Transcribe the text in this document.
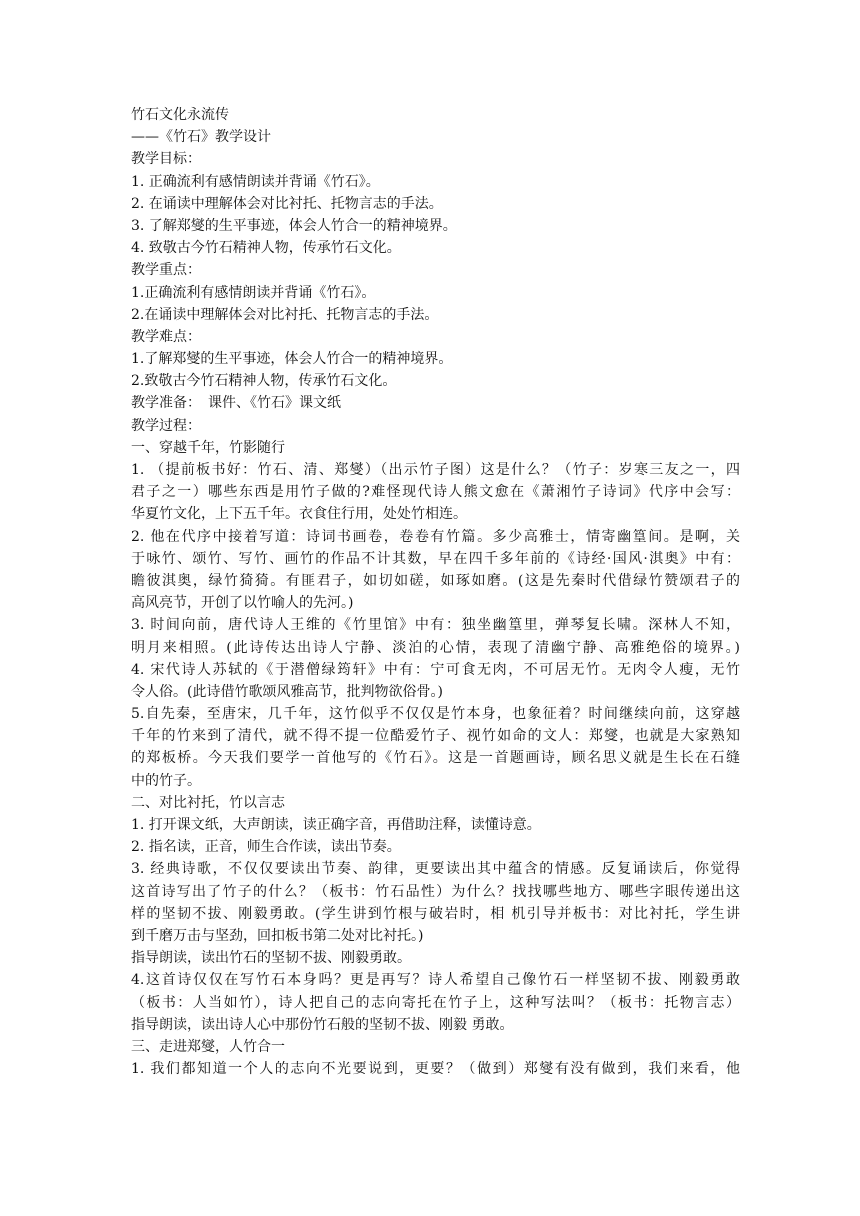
竹石文化永流传
——《竹石》教学设计
教学目标：
1. 正确流利有感情朗读并背诵《竹石》。
2. 在诵读中理解体会对比衬托、托物言志的手法。
3. 了解郑燮的生平事迹，体会人竹合一的精神境界。
4. 致敬古今竹石精神人物，传承竹石文化。
教学重点：
1.正确流利有感情朗读并背诵《竹石》。
2.在诵读中理解体会对比衬托、托物言志的手法。
教学难点：
1.了解郑燮的生平事迹，体会人竹合一的精神境界。
2.致敬古今竹石精神人物，传承竹石文化。
教学准备：　课件、《竹石》课文纸
教学过程：
一、穿越千年，竹影随行
1. （提前板书好：竹石、清、郑燮）（出示竹子图）这是什么？（竹子：岁寒三友之一，四
君子之一）哪些东西是用竹子做的?难怪现代诗人熊文愈在《萧湘竹子诗词》代序中会写：
华夏竹文化，上下五千年。衣食住行用，处处竹相连。
2. 他在代序中接着写道：诗词书画卷，卷卷有竹篇。多少高雅士，情寄幽篁间。是啊，关
于咏竹、颂竹、写竹、画竹的作品不计其数，早在四千多年前的《诗经·国风·淇奥》中有：
瞻彼淇奥，绿竹猗猗。有匪君子，如切如磋，如琢如磨。(这是先秦时代借绿竹赞颂君子的
高风亮节，开创了以竹喻人的先河。)
3. 时间向前，唐代诗人王维的《竹里馆》中有：独坐幽篁里，弹琴复长啸。深林人不知，
明月来相照。(此诗传达出诗人宁静、淡泊的心情，表现了清幽宁静、高雅绝俗的境界。)
4. 宋代诗人苏轼的《于潜僧绿筠轩》中有：宁可食无肉，不可居无竹。无肉令人瘦，无竹
令人俗。(此诗借竹歌颂风雅高节，批判物欲俗骨。)
5.自先秦，至唐宋，几千年，这竹似乎不仅仅是竹本身，也象征着？时间继续向前，这穿越
千年的竹来到了清代，就不得不提一位酷爱竹子、视竹如命的文人：郑燮，也就是大家熟知
的郑板桥。今天我们要学一首他写的《竹石》。这是一首题画诗，顾名思义就是生长在石缝
中的竹子。
二、对比衬托，竹以言志
1. 打开课文纸，大声朗读，读正确字音，再借助注释，读懂诗意。
2. 指名读，正音，师生合作读，读出节奏。
3. 经典诗歌，不仅仅要读出节奏、韵律，更要读出其中蕴含的情感。反复诵读后，你觉得
这首诗写出了竹子的什么？（板书：竹石品性）为什么？找找哪些地方、哪些字眼传递出这
样的坚韧不拔、刚毅勇敢。(学生讲到竹根与破岩时，相 机引导并板书：对比衬托，学生讲
到千磨万击与坚劲，回扣板书第二处对比衬托。)
指导朗读，读出竹石的坚韧不拔、刚毅勇敢。
4.这首诗仅仅在写竹石本身吗？更是再写？诗人希望自己像竹石一样坚韧不拔、刚毅勇敢
（板书：人当如竹），诗人把自己的志向寄托在竹子上，这种写法叫？（板书：托物言志）
指导朗读，读出诗人心中那份竹石般的坚韧不拔、刚毅 勇敢。
三、走进郑燮，人竹合一
1. 我们都知道一个人的志向不光要说到，更要？（做到）郑燮有没有做到，我们来看，他
